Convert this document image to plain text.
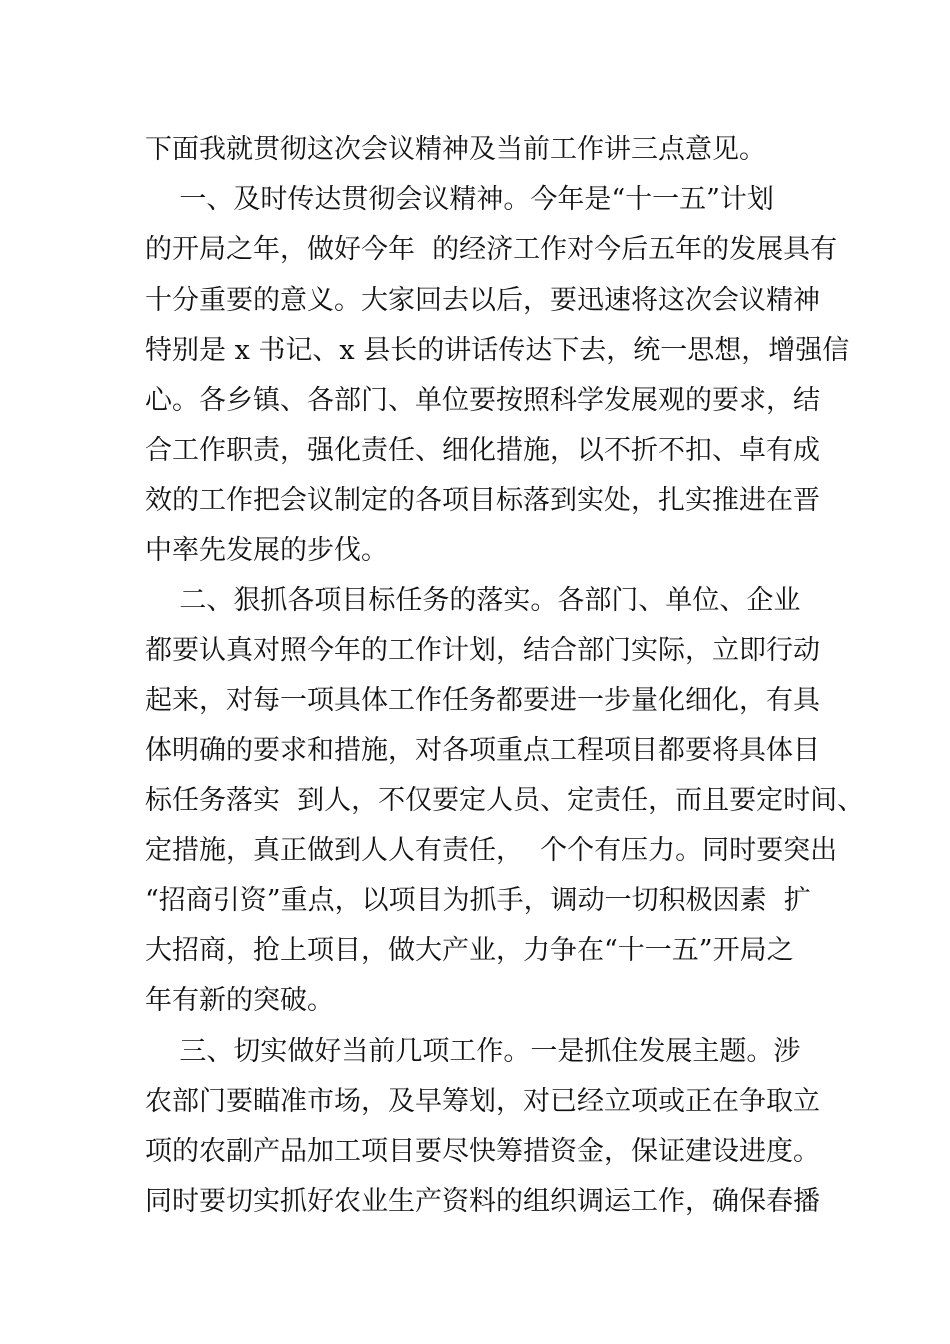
下面我就贯彻这次会议精神及当前工作讲三点意见。
一、及时传达贯彻会议精神。今年是“十一五”计划
的开局之年，做好今年  的经济工作对今后五年的发展具有
十分重要的意义。大家回去以后，要迅速将这次会议精神
特别是 x 书记、x 县长的讲话传达下去，统一思想，增强信
心。各乡镇、各部门、单位要按照科学发展观的要求，结
合工作职责，强化责任、细化措施，以不折不扣、卓有成
效的工作把会议制定的各项目标落到实处，扎实推进在晋
中率先发展的步伐。
二、狠抓各项目标任务的落实。各部门、单位、企业
都要认真对照今年的工作计划，结合部门实际，立即行动
起来，对每一项具体工作任务都要进一步量化细化，有具
体明确的要求和措施，对各项重点工程项目都要将具体目
标任务落实  到人，不仅要定人员、定责任，而且要定时间、
定措施，真正做到人人有责任，  个个有压力。同时要突出
“招商引资”重点，以项目为抓手，调动一切积极因素  扩
大招商，抢上项目，做大产业，力争在“十一五”开局之
年有新的突破。
三、切实做好当前几项工作。一是抓住发展主题。涉
农部门要瞄准市场，及早筹划，对已经立项或正在争取立
项的农副产品加工项目要尽快筹措资金，保证建设进度。
同时要切实抓好农业生产资料的组织调运工作，确保春播
